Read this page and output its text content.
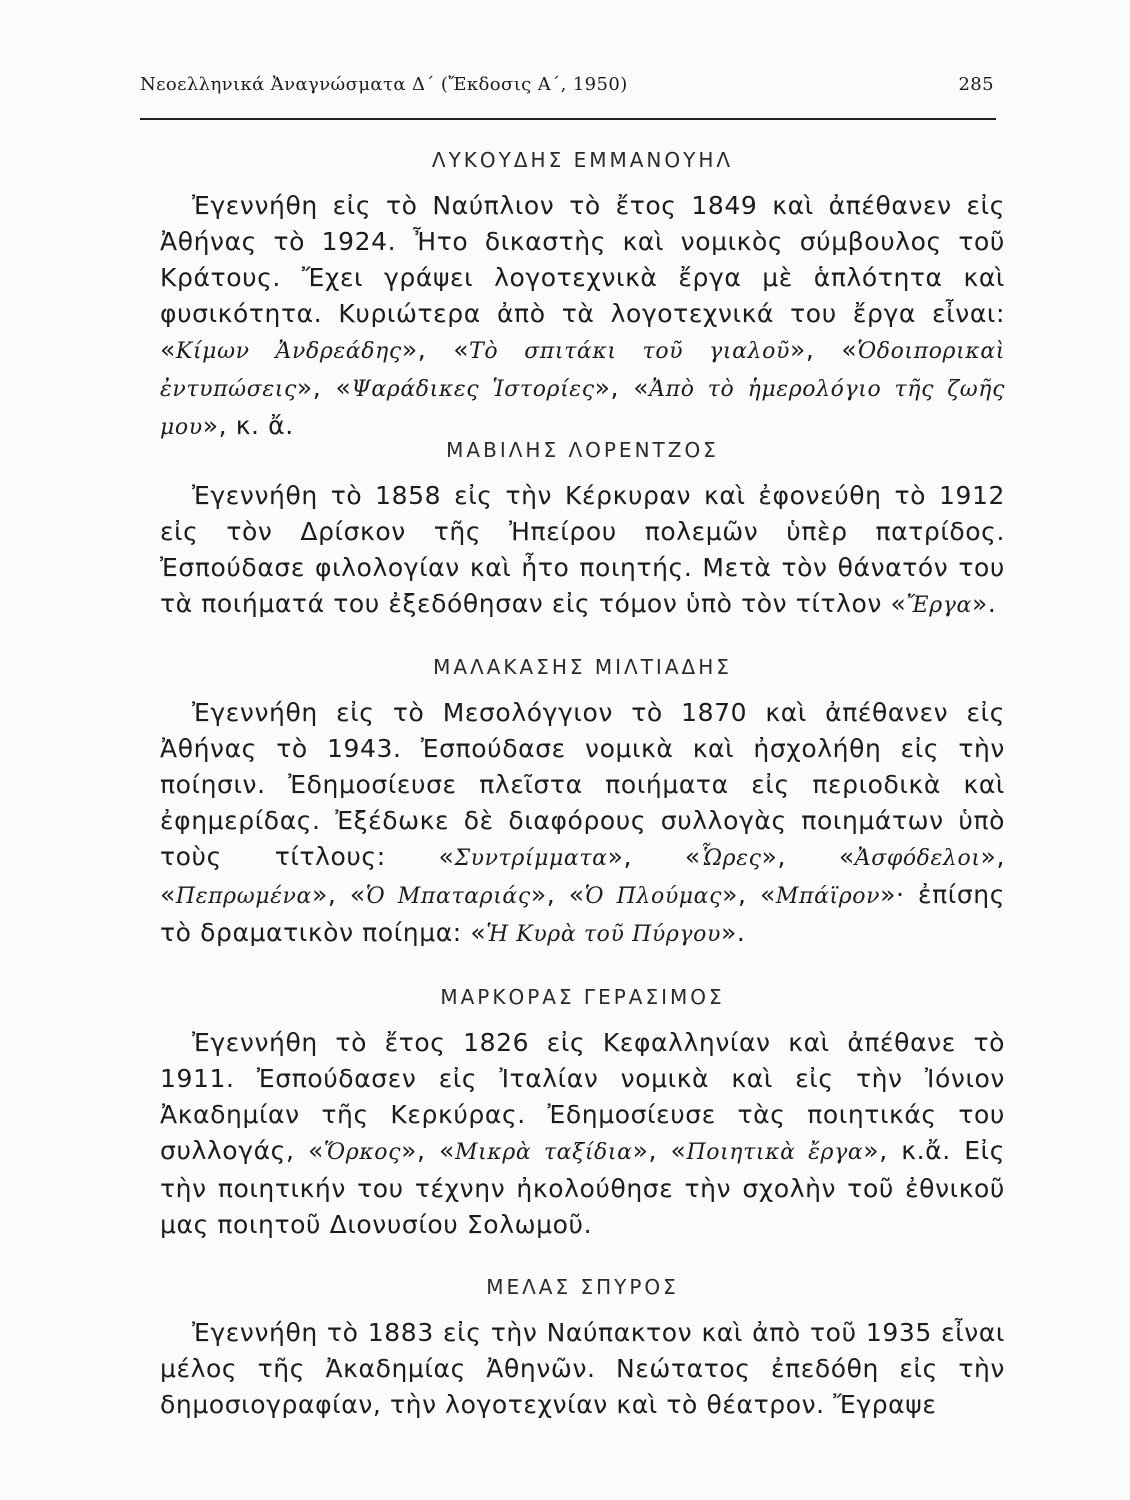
Νεοελληνικά Ἀναγνώσματα Δ΄ (Ἔκδοσις Α΄, 1950)	285
ΛΥΚΟΥΔΗΣ ΕΜΜΑΝΟΥΗΛ

Ἐγεννήθη εἰς τὸ Ναύπλιον τὸ ἔτος 1849 καὶ ἀπέθανεν εἰς Ἀθήνας τὸ 1924. Ἦτο δικαστὴς καὶ νομικὸς σύμβουλος τοῦ Κράτους. Ἔχει γράψει λογοτεχνικὰ ἔργα μὲ ἁπλότητα καὶ φυσικότητα. Κυριώτερα ἀπὸ τὰ λογοτεχνικά του ἔργα εἶναι: «Κίμων Ἀνδρεάδης», «Τὸ σπιτάκι τοῦ γιαλοῦ», «Ὁδοιπορικαὶ ἐντυπώσεις», «Ψαράδικες Ἱστορίες», «Ἀπὸ τὸ ἡμερολόγιο τῆς ζωῆς μου», κ. ἄ.

ΜΑΒΙΛΗΣ ΛΟΡΕΝΤΖΟΣ

Ἐγεννήθη τὸ 1858 εἰς τὴν Κέρκυραν καὶ ἐφονεύθη τὸ 1912 εἰς τὸν Δρίσκον τῆς Ἠπείρου πολεμῶν ὑπὲρ πατρίδος. Ἐσπούδασε φιλολογίαν καὶ ἦτο ποιητής. Μετὰ τὸν θάνατόν του τὰ ποιήματά του ἐξεδόθησαν εἰς τόμον ὑπὸ τὸν τίτλον «Ἔργα».

ΜΑΛΑΚΑΣΗΣ ΜΙΛΤΙΑΔΗΣ

Ἐγεννήθη εἰς τὸ Μεσολόγγιον τὸ 1870 καὶ ἀπέθανεν εἰς Ἀθήνας τὸ 1943. Ἐσπούδασε νομικὰ καὶ ἠσχολήθη εἰς τὴν ποίησιν. Ἐδημοσίευσε πλεῖστα ποιήματα εἰς περιοδικὰ καὶ ἐφημερίδας. Ἐξέδωκε δὲ διαφόρους συλλογὰς ποιημάτων ὑπὸ τοὺς τίτλους: «Συντρίμματα», «Ὧρες», «Ἀσφόδελοι», «Πεπρωμένα», «Ὁ Μπαταριάς», «Ὁ Πλούμας», «Μπάϊρον»· ἐπίσης τὸ δραματικὸν ποίημα: «Ἡ Κυρὰ τοῦ Πύργου».

ΜΑΡΚΟΡΑΣ ΓΕΡΑΣΙΜΟΣ

Ἐγεννήθη τὸ ἔτος 1826 εἰς Κεφαλληνίαν καὶ ἀπέθανε τὸ 1911. Ἐσπούδασεν εἰς Ἰταλίαν νομικὰ καὶ εἰς τὴν Ἰόνιον Ἀκαδημίαν τῆς Κερκύρας. Ἐδημοσίευσε τὰς ποιητικάς του συλλογάς, «Ὅρκος», «Μικρὰ ταξίδια», «Ποιητικὰ ἔργα», κ.ἄ. Εἰς τὴν ποιητικήν του τέχνην ἠκολούθησε τὴν σχολὴν τοῦ ἐθνικοῦ μας ποιητοῦ Διονυσίου Σολωμοῦ.

ΜΕΛΑΣ ΣΠΥΡΟΣ

Ἐγεννήθη τὸ 1883 εἰς τὴν Ναύπακτον καὶ ἀπὸ τοῦ 1935 εἶναι μέλος τῆς Ἀκαδημίας Ἀθηνῶν. Νεώτατος ἐπεδόθη εἰς τὴν δημοσιογραφίαν, τὴν λογοτεχνίαν καὶ τὸ θέατρον. Ἔγραψε
